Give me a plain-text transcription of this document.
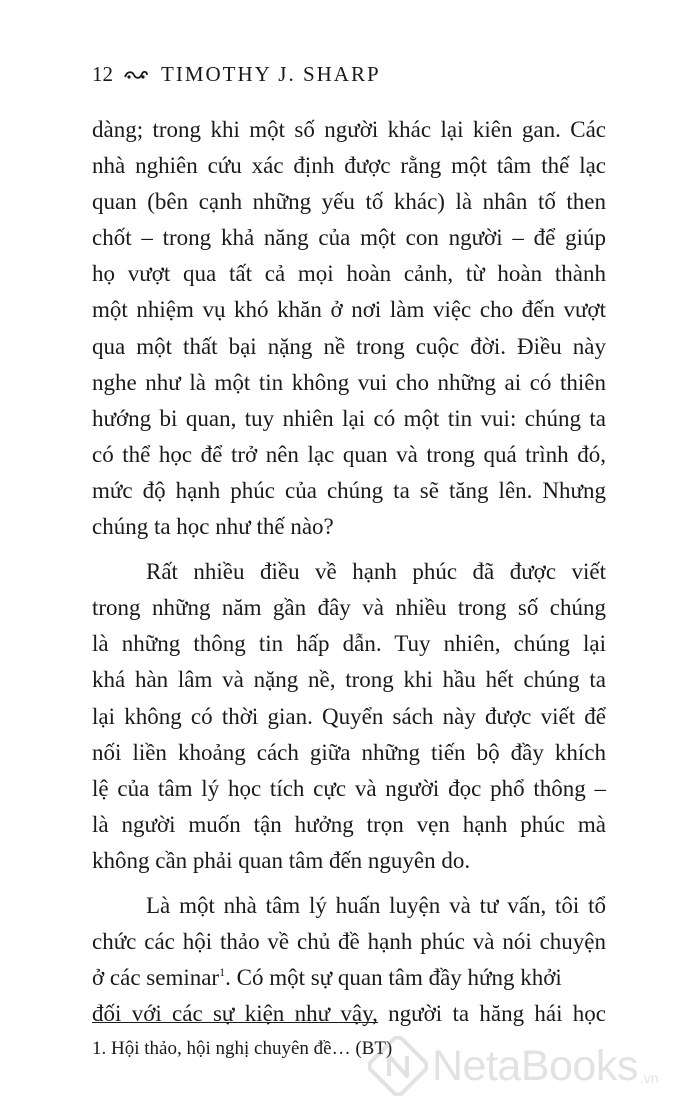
12 TIMOTHY J. SHARP
dàng; trong khi một số người khác lại kiên gan. Các
nhà nghiên cứu xác định được rằng một tâm thế lạc
quan (bên cạnh những yếu tố khác) là nhân tố then
chốt – trong khả năng của một con người – để giúp
họ vượt qua tất cả mọi hoàn cảnh, từ hoàn thành
một nhiệm vụ khó khăn ở nơi làm việc cho đến vượt
qua một thất bại nặng nề trong cuộc đời. Điều này
nghe như là một tin không vui cho những ai có thiên
hướng bi quan, tuy nhiên lại có một tin vui: chúng ta
có thể học để trở nên lạc quan và trong quá trình đó,
mức độ hạnh phúc của chúng ta sẽ tăng lên. Nhưng
chúng ta học như thế nào?
Rất nhiều điều về hạnh phúc đã được viết
trong những năm gần đây và nhiều trong số chúng
là những thông tin hấp dẫn. Tuy nhiên, chúng lại
khá hàn lâm và nặng nề, trong khi hầu hết chúng ta
lại không có thời gian. Quyển sách này được viết để
nối liền khoảng cách giữa những tiến bộ đầy khích
lệ của tâm lý học tích cực và người đọc phổ thông –
là người muốn tận hưởng trọn vẹn hạnh phúc mà
không cần phải quan tâm đến nguyên do.
Là một nhà tâm lý huấn luyện và tư vấn, tôi tổ
chức các hội thảo về chủ đề hạnh phúc và nói chuyện
ở các seminar$^1$. Có một sự quan tâm đầy hứng khởi
đối với các sự kiện như vậy, người ta hăng hái học
1. Hội thảo, hội nghị chuyên đề… (BT) NetaBooks .vn
